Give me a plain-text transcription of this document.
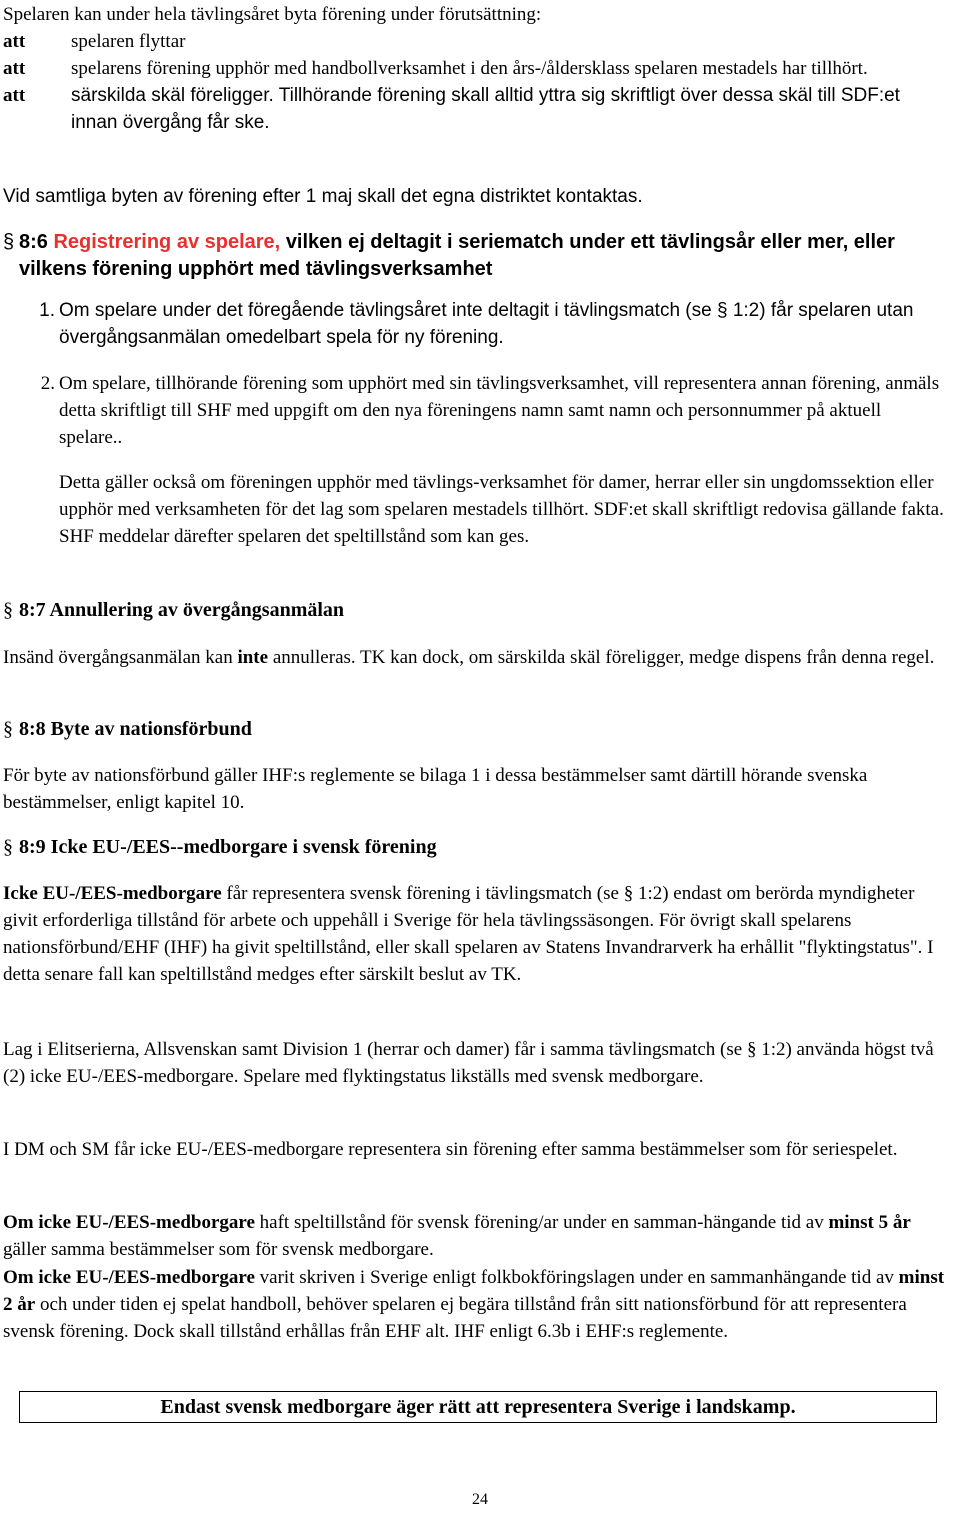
Spelaren kan under hela tävlingsåret byta förening under förutsättning:

att	spelaren flyttar
att	spelarens förening upphör med handbollverksamhet i den års-/åldersklass spelaren mestadels har tillhört.
att	särskilda skäl föreligger. Tillhörande förening skall alltid yttra sig skriftligt över dessa skäl till SDF:et innan övergång får ske.

Vid samtliga byten av förening efter 1 maj skall det egna distriktet kontaktas.

§ 8:6 Registrering av spelare, vilken ej deltagit i seriematch under ett tävlingsår eller mer, eller vilkens förening upphört med tävlingsverksamhet
1. Om spelare under det föregående tävlingsåret inte deltagit i tävlingsmatch (se § 1:2) får spelaren utan övergångsanmälan omedelbart spela för ny förening.
2. Om spelare, tillhörande förening som upphört med sin tävlingsverksamhet, vill representera annan förening, anmäls detta skriftligt till SHF med uppgift om den nya föreningens namn samt namn och personnummer på aktuell spelare..

Detta gäller också om föreningen upphör med tävlings-verksamhet för damer, herrar eller sin ungdomssektion eller upphör med verksamheten för det lag som spelaren mestadels tillhört. SDF:et skall skriftligt redovisa gällande fakta. SHF meddelar därefter spelaren det speltillstånd som kan ges.

§ 8:7 Annullering av övergångsanmälan

Insänd övergångsanmälan kan inte annulleras. TK kan dock, om särskilda skäl föreligger, medge dispens från denna regel.

§ 8:8 Byte av nationsförbund

För byte av nationsförbund gäller IHF:s reglemente se bilaga 1 i dessa bestämmelser samt därtill hörande svenska bestämmelser, enligt kapitel 10.

§ 8:9 Icke EU-/EES--medborgare i svensk förening

Icke EU-/EES-medborgare får representera svensk förening i tävlingsmatch (se § 1:2) endast om berörda myndigheter givit erforderliga tillstånd för arbete och uppehåll i Sverige för hela tävlingssäsongen. För övrigt skall spelarens nationsförbund/EHF (IHF) ha givit speltillstånd, eller skall spelaren av Statens Invandrarverk ha erhållit "flyktingstatus". I detta senare fall kan speltillstånd medges efter särskilt beslut av TK.

Lag i Elitserierna, Allsvenskan samt Division 1 (herrar och damer) får i samma tävlingsmatch (se § 1:2) använda högst två (2) icke EU-/EES-medborgare. Spelare med flyktingstatus likställs med svensk medborgare.

I DM och SM får icke EU-/EES-medborgare representera sin förening efter samma bestämmelser som för seriespelet.

Om icke EU-/EES-medborgare haft speltillstånd för svensk förening/ar under en samman-hängande tid av minst 5 år gäller samma bestämmelser som för svensk medborgare.

Om icke EU-/EES-medborgare varit skriven i Sverige enligt folkbokföringslagen under en sammanhängande tid av minst 2 år och under tiden ej spelat handboll, behöver spelaren ej begära tillstånd från sitt nationsförbund för att representera svensk förening. Dock skall tillstånd erhållas från EHF alt. IHF enligt 6.3b i EHF:s reglemente.

Endast svensk medborgare äger rätt att representera Sverige i landskamp.
24
